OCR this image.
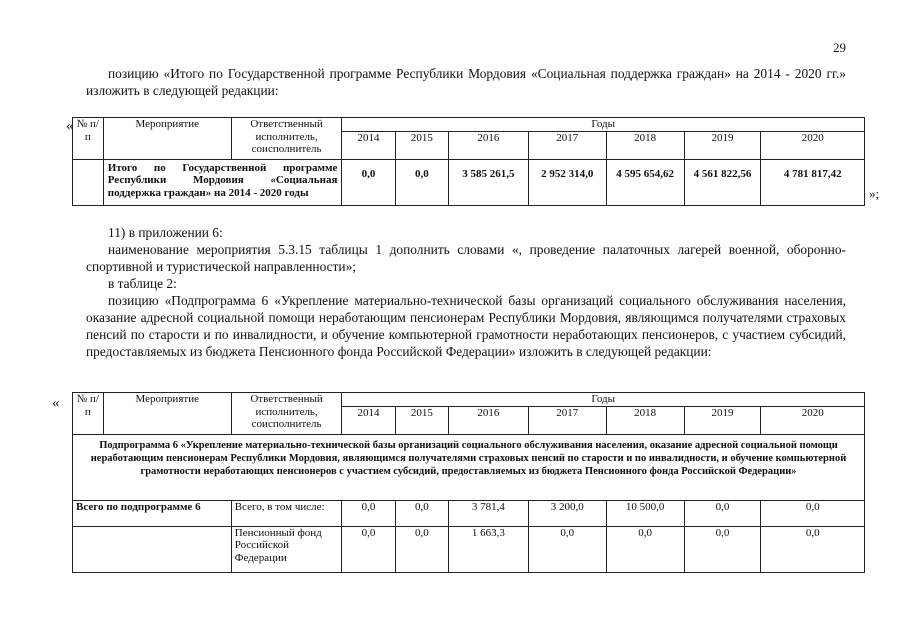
29
позицию «Итого по Государственной программе Республики Мордовия «Социальная поддержка граждан» на 2014 - 2020 гг.» изложить в следующей редакции:
« № п/п	Мероприятие	Ответственный исполнитель, соисполнитель	Годы						
			2014	2015	2016	2017	2018	2019	2020
	Итого по Государственной программе Республики Мордовия «Социальная поддержка граждан» на 2014 - 2020 годы		0,0	0,0	3 585 261,5	2 952 314,0	4 595 654,62	4 561 822,56	4 781 817,42
»;
11) в приложении 6:
наименование мероприятия 5.3.15 таблицы 1 дополнить словами «, проведение палаточных лагерей военной, оборонно-спортивной и туристической направленности»;
в таблице 2:
позицию «Подпрограмма 6 «Укрепление материально-технической базы организаций социального обслуживания населения, оказание адресной социальной помощи неработающим пенсионерам Республики Мордовия, являющимся получателями страховых пенсий по старости и по инвалидности, и обучение компьютерной грамотности неработающих пенсионеров, с участием субсидий, предоставляемых из бюджета Пенсионного фонда Российской Федерации» изложить в следующей редакции:
« № п/п	Мероприятие	Ответственный исполнитель, соисполнитель	Годы						
			2014	2015	2016	2017	2018	2019	2020
Подпрограмма 6 «Укрепление материально-технической базы организаций социального обслуживания населения, оказание адресной социальной помощи неработающим пенсионерам Республики Мордовия, являющимся получателями страховых пенсий по старости и по инвалидности, и обучение компьютерной грамотности неработающих пенсионеров с участием субсидий, предоставляемых из бюджета Пенсионного фонда Российской Федерации»									
Всего по подпрограмме 6		Всего, в том числе:	0,0	0,0	3 781,4	3 200,0	10 500,0	0,0	0,0
		Пенсионный фонд Российской Федерации	0,0	0,0	1 663,3	0,0	0,0	0,0	0,0
